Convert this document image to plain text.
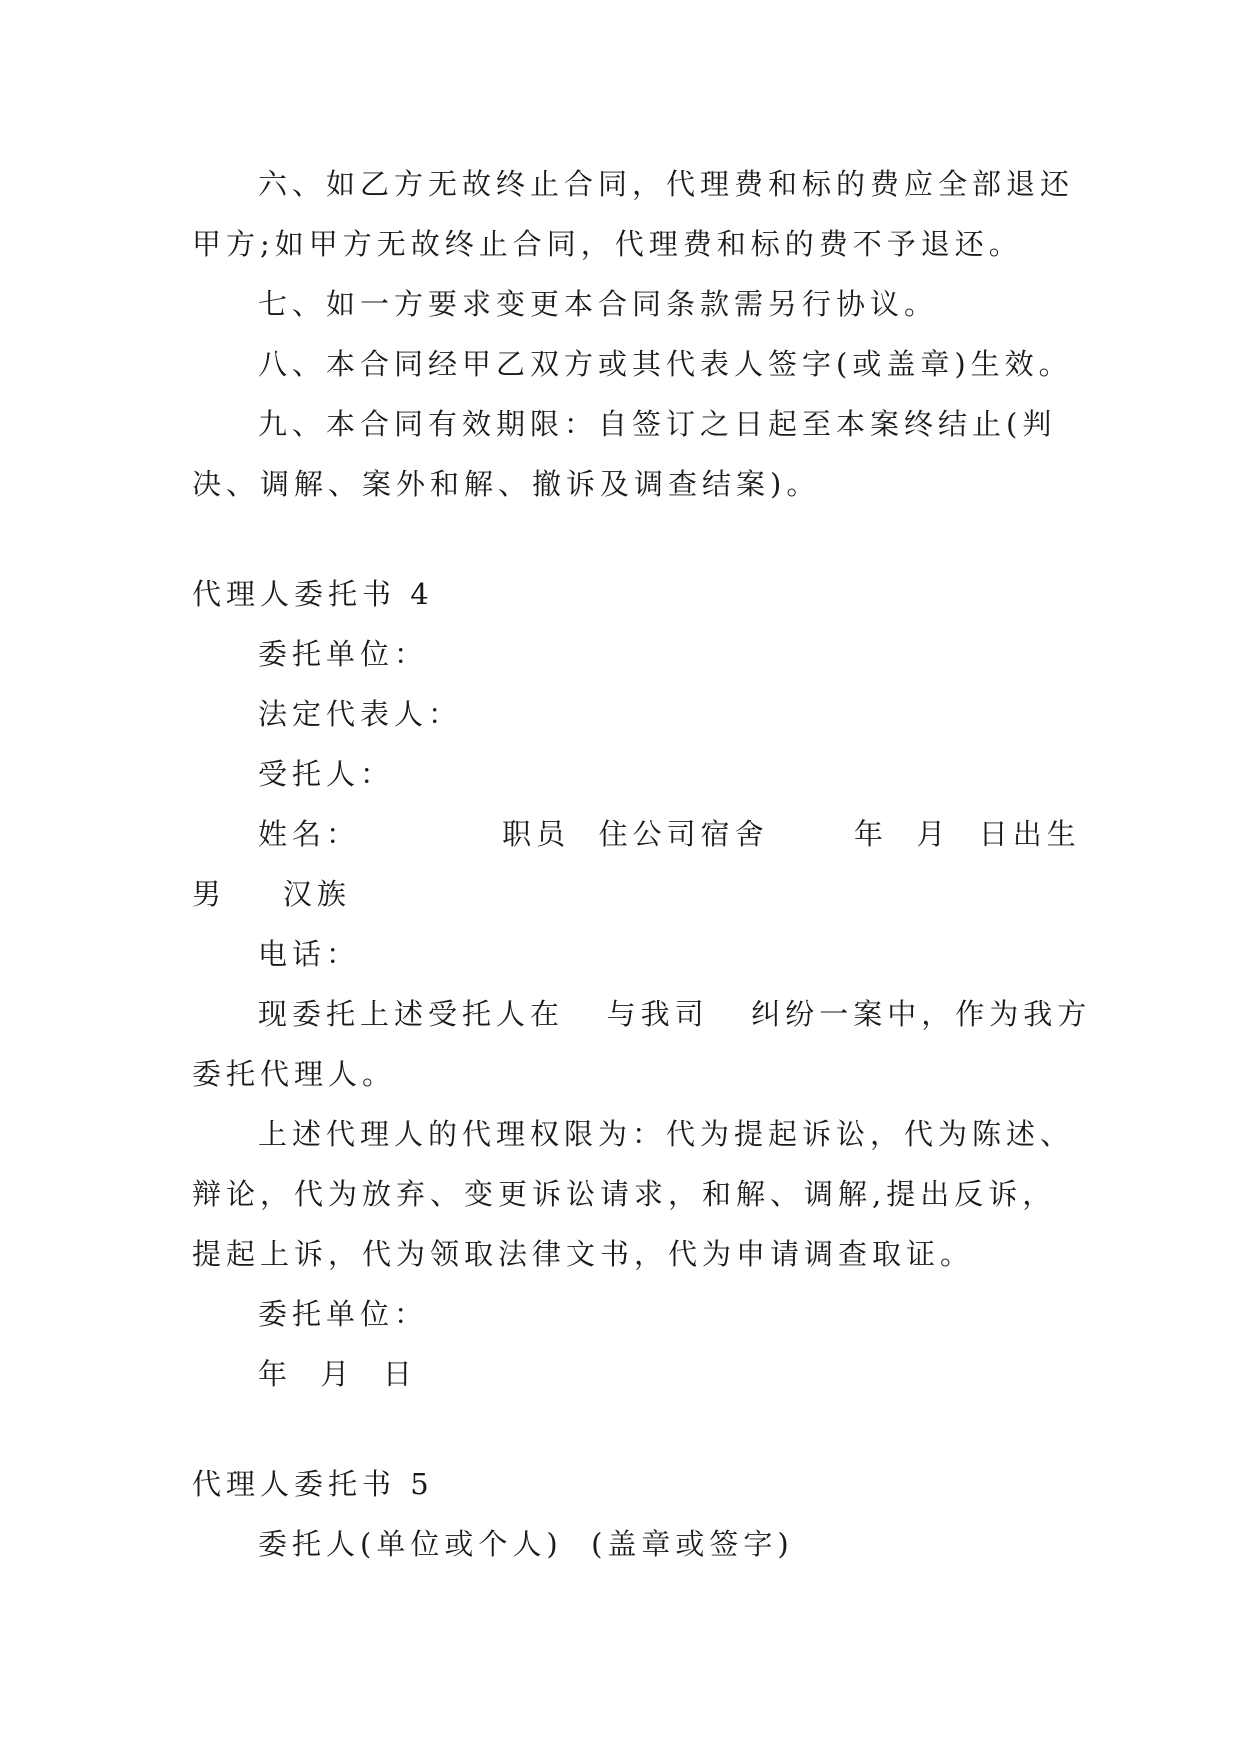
六、如乙方无故终止合同，代理费和标的费应全部退还
甲方;如甲方无故终止合同，代理费和标的费不予退还。
七、如一方要求变更本合同条款需另行协议。
八、本合同经甲乙双方或其代表人签字(或盖章)生效。
九、本合同有效期限：自签订之日起至本案终结止(判
决、调解、案外和解、撤诉及调查结案)。
代理人委托书 4
委托单位：
法定代表人：
受托人：
姓名：          职员  住公司宿舍      年  月  日出生
男    汉族
电话：
现委托上述受托人在   与我司   纠纷一案中，作为我方
委托代理人。
上述代理人的代理权限为：代为提起诉讼，代为陈述、
辩论，代为放弃、变更诉讼请求，和解、调解,提出反诉，
提起上诉，代为领取法律文书，代为申请调查取证。
委托单位：
年  月  日
代理人委托书 5
委托人(单位或个人)  (盖章或签字)
